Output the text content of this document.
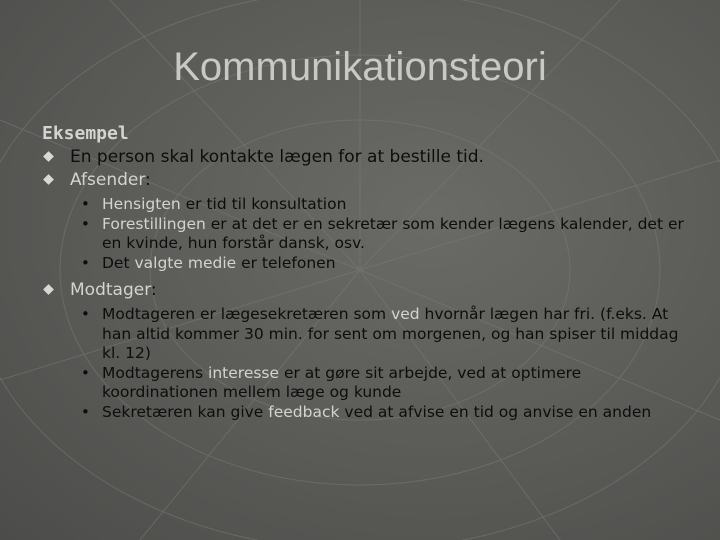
Kommunikationsteori
Eksempel
En person skal kontakte lægen for at bestille tid.
Afsender:
• Hensigten er tid til konsultation
• Forestillingen er at det er en sekretær som kender lægens kalender, det er en kvinde, hun forstår dansk, osv.
• Det valgte medie er telefonen
Modtager:
• Modtageren er lægesekretæren som ved hvornår lægen har fri. (f.eks. At han altid kommer 30 min. for sent om morgenen, og han spiser til middag kl. 12)
• Modtagerens interesse er at gøre sit arbejde, ved at optimere koordinationen mellem læge og kunde
• Sekretæren kan give feedback ved at afvise en tid og anvise en anden
